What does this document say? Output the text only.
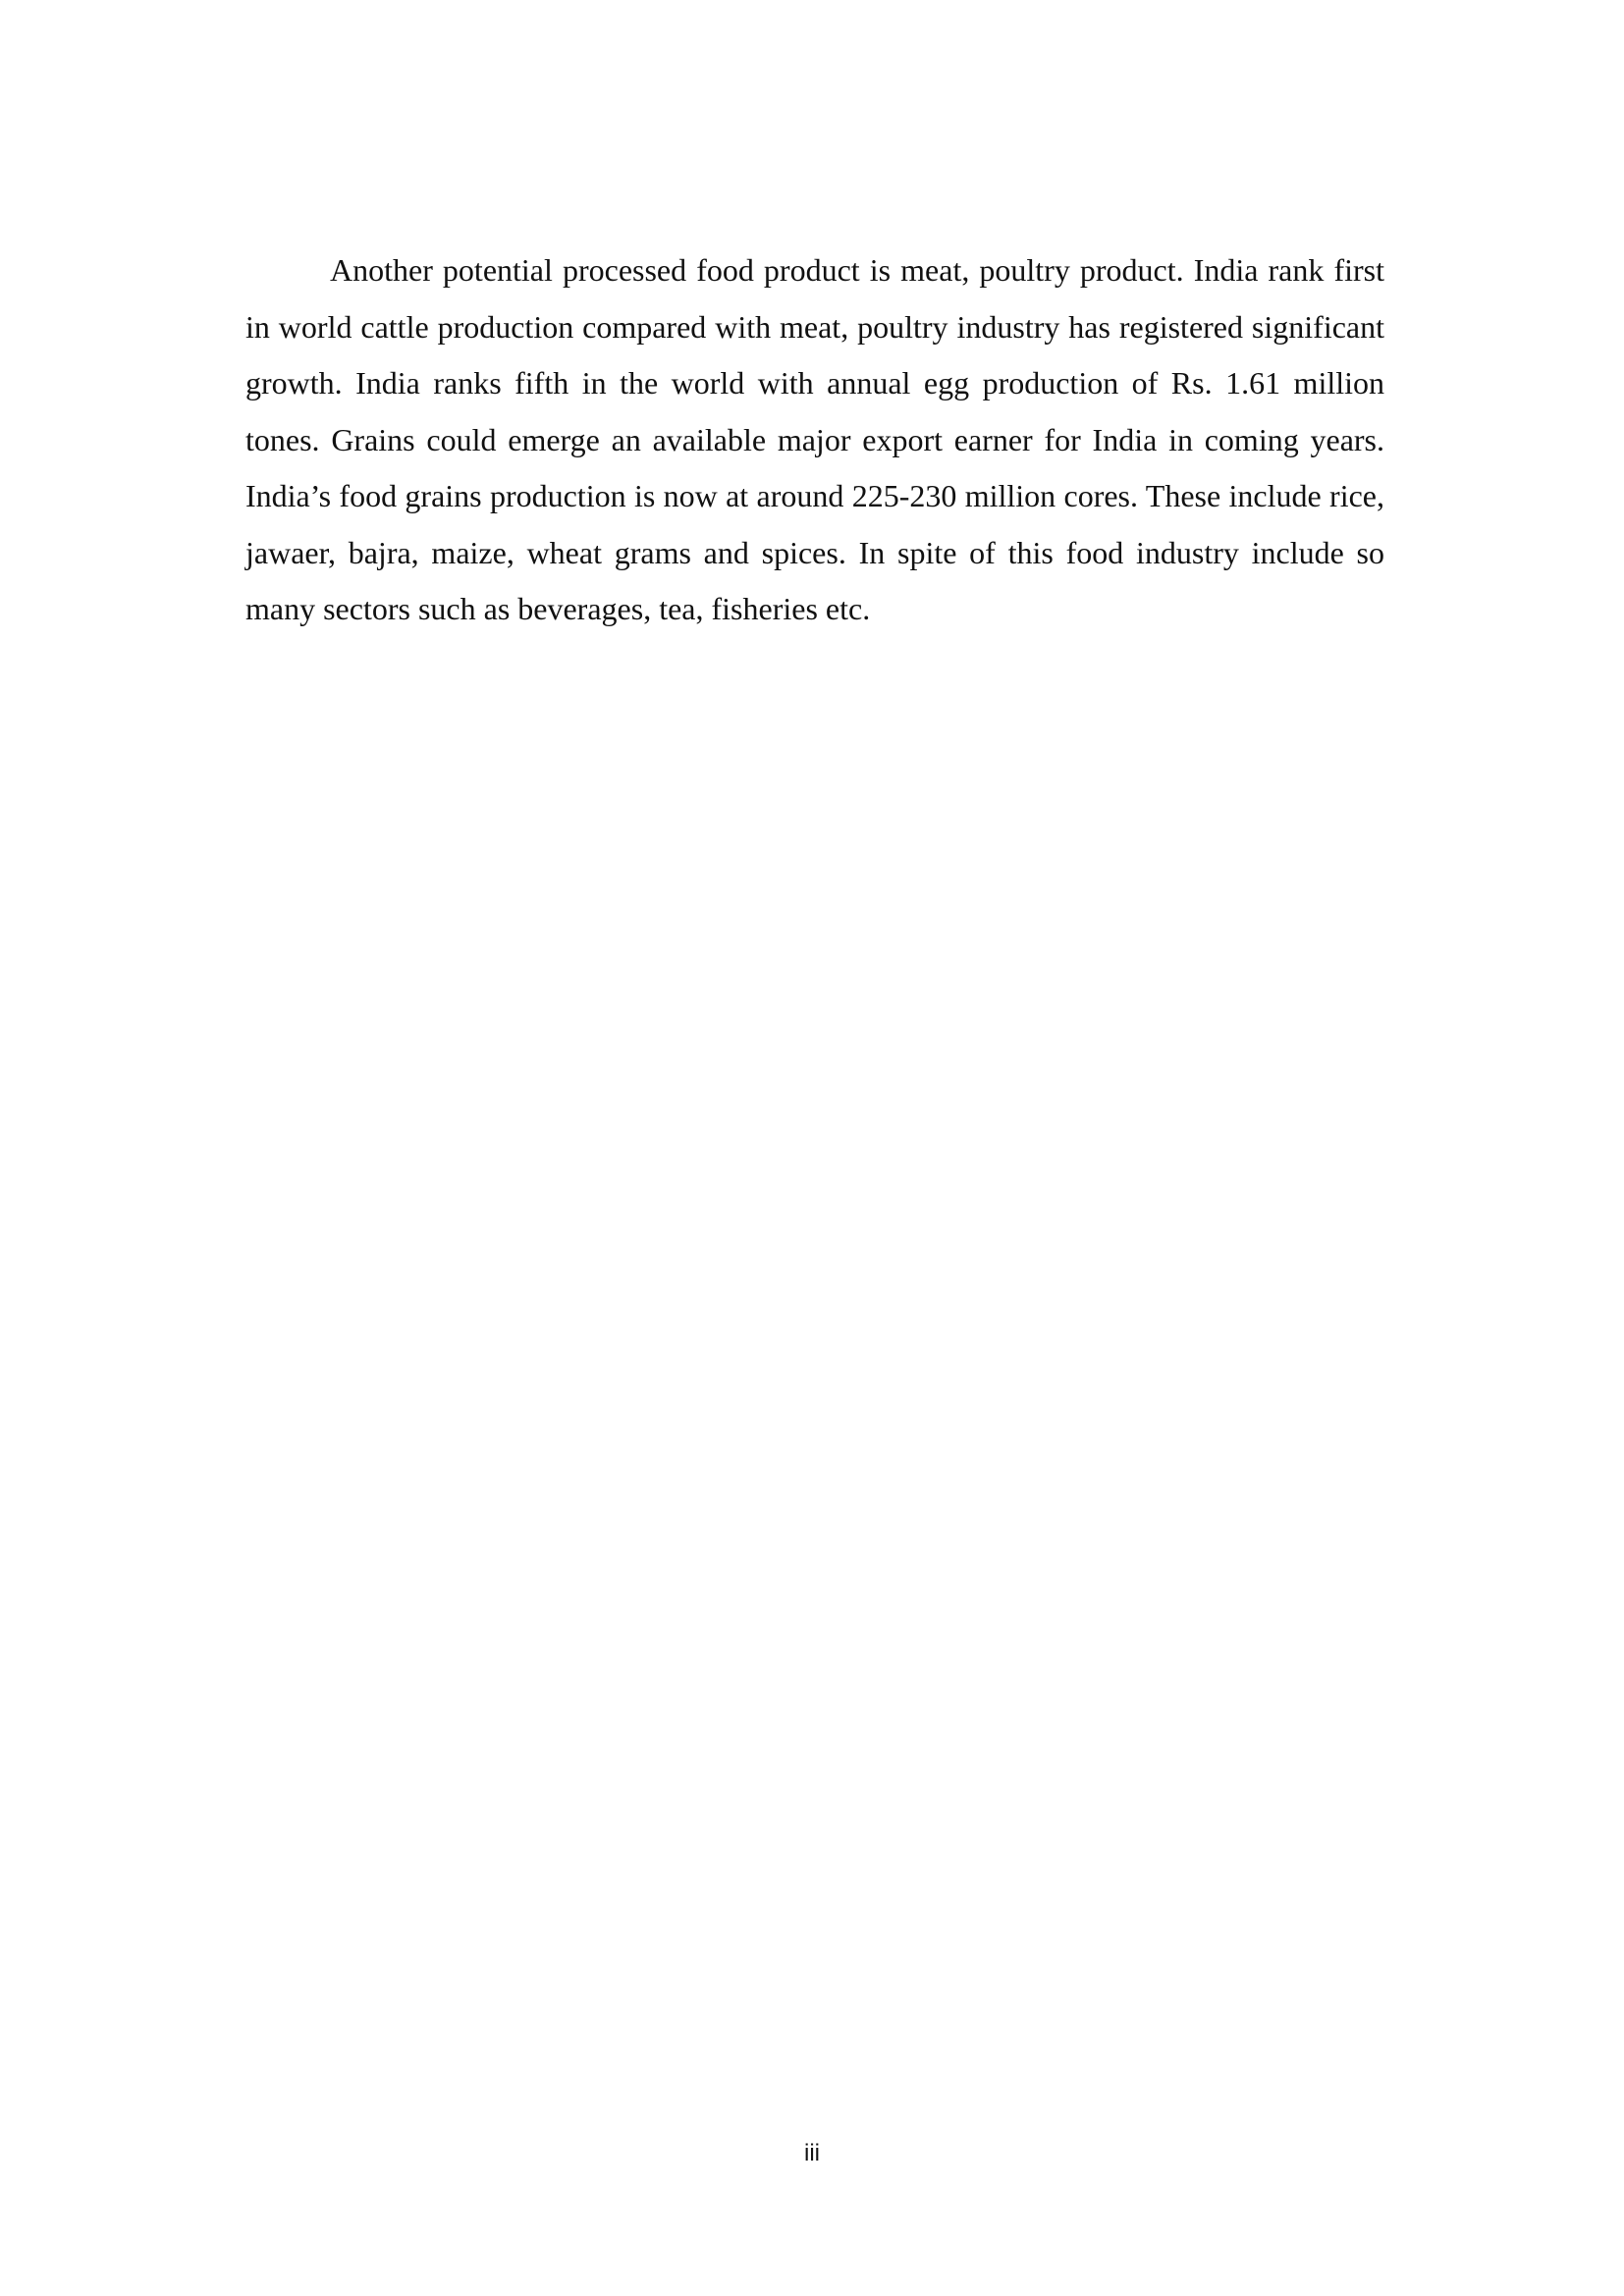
Another potential processed food product is meat, poultry product. India rank first in world cattle production compared with meat, poultry industry has registered significant growth. India ranks fifth in the world with annual egg production of Rs. 1.61 million tones. Grains could emerge an available major export earner for India in coming years. India’s food grains production is now at around 225-230 million cores. These include rice, jawaer, bajra, maize, wheat grams and spices. In spite of this food industry include so many sectors such as beverages, tea, fisheries etc.

iii
